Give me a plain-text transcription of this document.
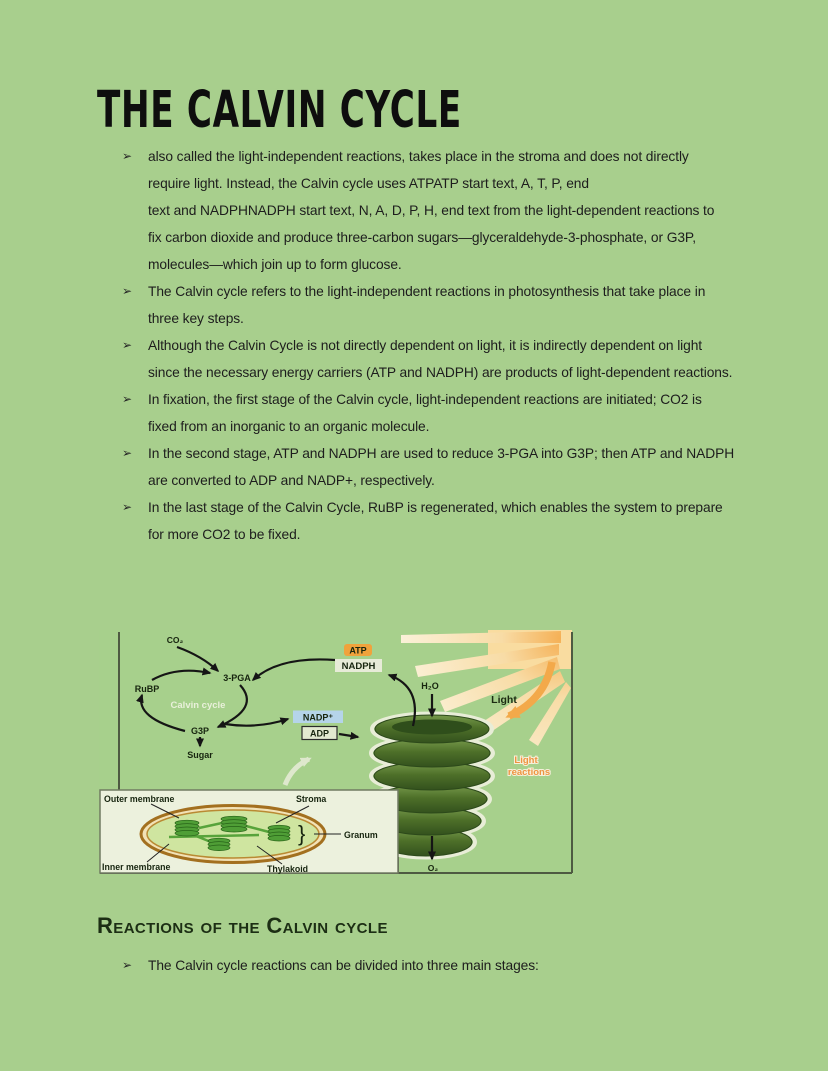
THE CALVIN CYCLE
➢	also called the light-independent reactions, takes place in the stroma and does not directly
require light. Instead, the Calvin cycle uses ATPATP start text, A, T, P, end
text and NADPHNADPH start text, N, A, D, P, H, end text from the light-dependent reactions to
fix carbon dioxide and produce three-carbon sugars—glyceraldehyde-3-phosphate, or G3P,
molecules—which join up to form glucose.
➢	The Calvin cycle refers to the light-independent reactions in photosynthesis that take place in
three key steps.
➢	Although the Calvin Cycle is not directly dependent on light, it is indirectly dependent on light
since the necessary energy carriers (ATP and NADPH) are products of light-dependent reactions.
➢	In fixation, the first stage of the Calvin cycle, light-independent reactions are initiated; CO2 is
fixed from an inorganic to an organic molecule.
➢	In the second stage, ATP and NADPH are used to reduce 3-PGA into G3P; then ATP and NADPH
are converted to ADP and NADP+, respectively.
➢	In the last stage of the Calvin Cycle, RuBP is regenerated, which enables the system to prepare
for more CO2 to be fixed.
Light
Light
reactions
CO₂
3-PGA
RuBP
Calvin cycle
G3P
Sugar
ATP
NADPH
NADP⁺
ADP
H₂O
O₂
Outer membrane	Stroma
}	Granum
Inner membrane	Thylakoid
Reactions of the Calvin cycle
➢	The Calvin cycle reactions can be divided into three main stages:
